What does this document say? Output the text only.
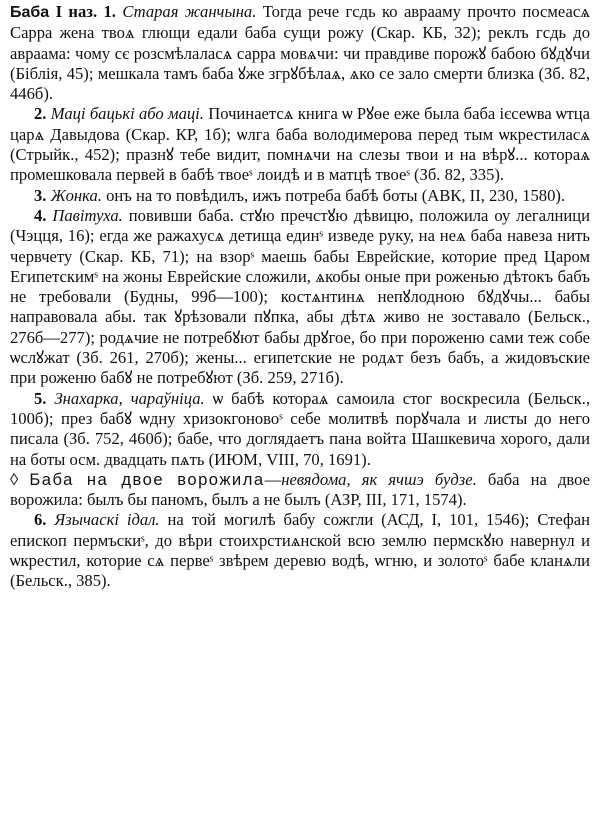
Баба I наз. 1. Старая жанчына. Тогда рече гсдь ко аврааму прочто посмеасѧ Сарра жена твоѧ глющи едали баба сущи рожу (Скар. КБ, 32); реклъ гсдь до авраама: чому сє розсмѣлаласѧ сарра мовѧчи: чи правдиве порожꙋ бабою бꙋдꙋчи (Біблія, 45); мешкала тамъ баба ꙋже згрꙋбѣлаѧ, ѧко се зало смерти близка (Зб. 82, 446б).

2. Маці бацькі або маці. Починаетсѧ книга ѡ Рꙋѳе еже была баба ієсеѡва ѡтца царѧ Давыдова (Скар. КР, 1б); ѡлга баба володимерова перед тым ѡкрестиласѧ (Стрыйк., 452); празнꙋ тебе видит, помнѧчи на слезы твои и на вѣрꙋ... котораѧ промешковала первей в бабѣ твоеˢ лоидѣ и в матцѣ твоеˢ (Зб. 82, 335).

3. Жонка. онъ на то повѣдилъ, ижъ потреба бабѣ боты (АВК, II, 230, 1580).

4. Павітуха. повивши баба. стꙋю пречстꙋю дѣвицю, положила оу легалници (Чэцця, 16); егда же ражахусѧ детища единˢ изведе руку, на неѧ баба навеза нить червчету (Скар. КБ, 71); на взорˢ маешь бабы Еврейские, которие пред Царом Египетскимˢ на жоны Еврейские сложили, ѧкобы оные при роженью дѣтокъ бабъ не требовали (Будны, 99б—100); костѧнтинѧ непꙋлодною бꙋдꙋчы... бабы направовала абы. так ꙋрѣзовали пꙋпка, абы дѣтѧ живо не зоставало (Бельск., 276б—277); родѧчие не потребꙋют бабы дрꙋгое, бо при пороженю сами теж собе ѡслꙋжат (Зб. 261, 270б); жены... египетские не родѧт безъ бабъ, а жидовъские при роженю бабꙋ не потребꙋют (Зб. 259, 271б).

5. Знахарка, чараўніца. ѡ бабѣ котораѧ самоила стог воскресила (Бельск., 100б); през бабꙋ ѡдну хризокгоновоˢ себе молитвѣ порꙋчала и листы до него писала (Зб. 752, 460б); бабе, что доглядаетъ пана войта Шашкевича хорого, дали на боты осм. двадцать пѧть (ИЮМ, VIII, 70, 1691).

◊ Баба на двое ворожила—невядома, як ячшэ будзе. баба на двое ворожила: былъ бы паномъ, былъ а не былъ (АЗР, III, 171, 1574).

6. Язычаскі ідал. на той могилѣ бабу сожгли (АСД, I, 101, 1546); Стефан епископ пермъскиˢ, до вѣри стоихрстиѧнской всю землю пермскꙋю навернул и ѡкрестил, которие сѧ первеˢ звѣрем деревю водѣ, ѡгню, и золотоˢ бабе кланѧли (Бельск., 385).
